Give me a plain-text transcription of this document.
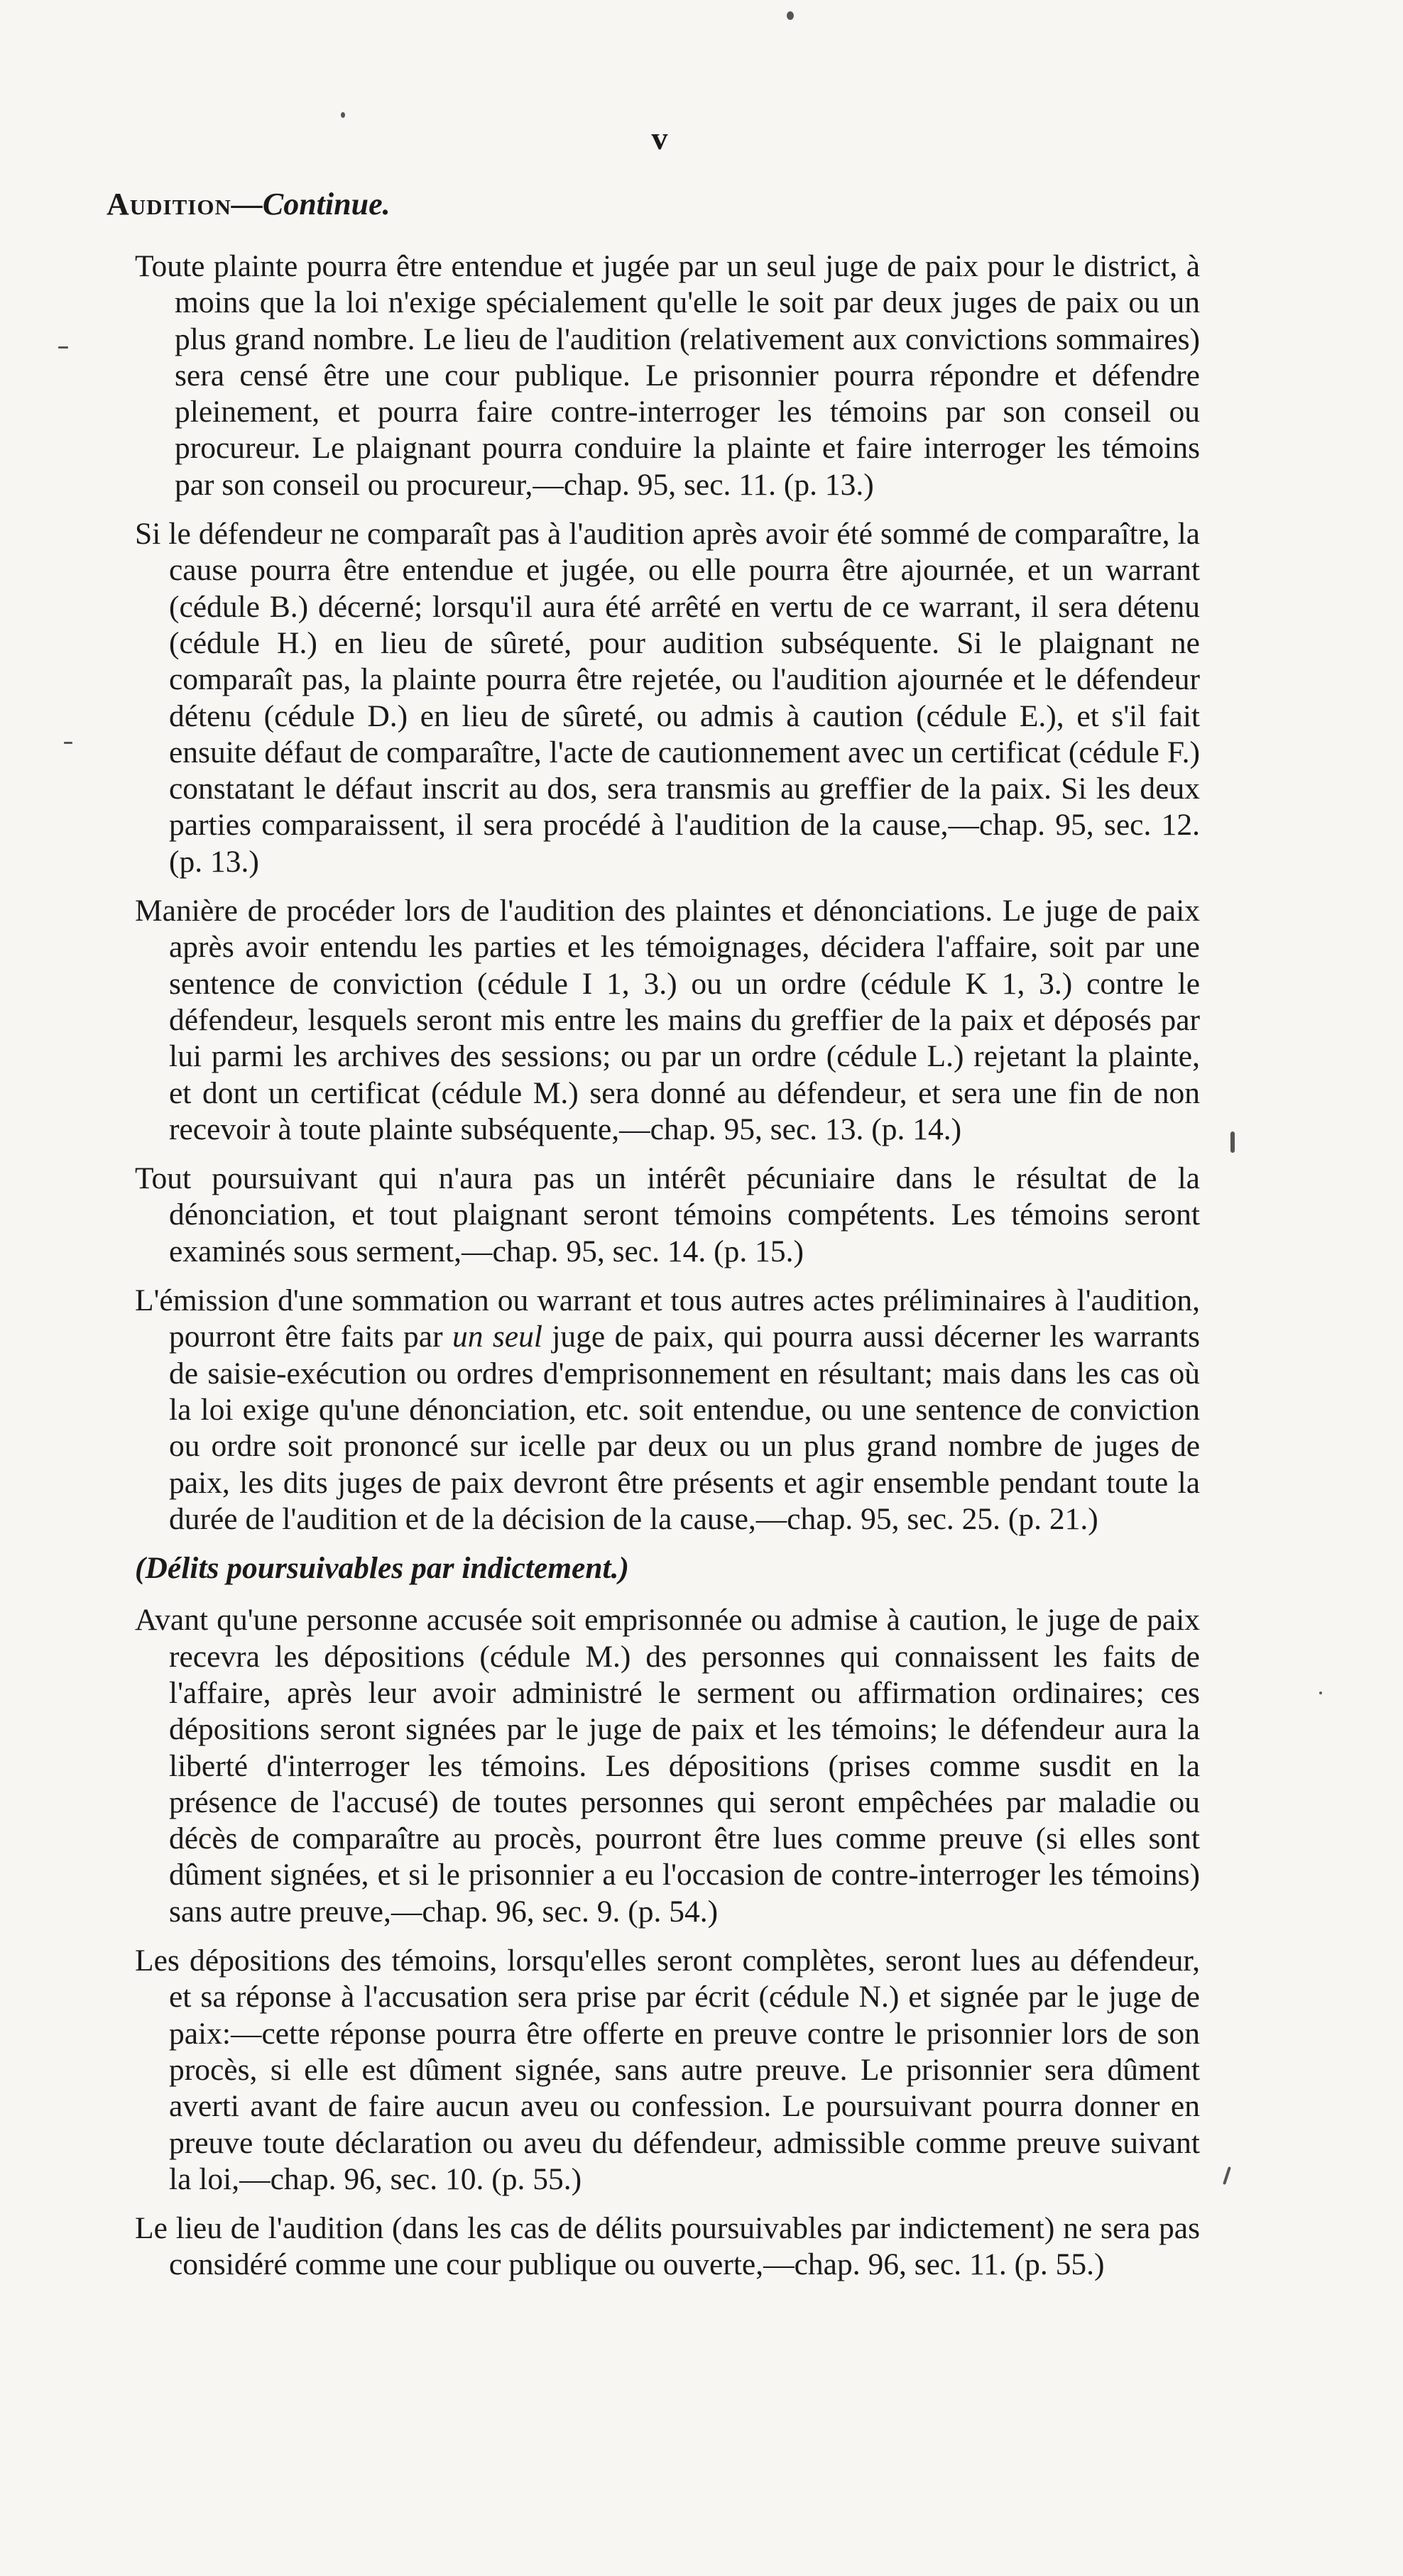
v
Audition—Continue.

Toute plainte pourra être entendue et jugée par un seul juge de paix pour le district, à moins que la loi n'exige spécialement qu'elle le soit par deux juges de paix ou un plus grand nombre. Le lieu de l'audition (relativement aux convictions sommaires) sera censé être une cour publique. Le prisonnier pourra répondre et défendre pleinement, et pourra faire contre-interroger les témoins par son conseil ou procureur. Le plaignant pourra conduire la plainte et faire interroger les témoins par son conseil ou procureur,—chap. 95, sec. 11. (p. 13.)

Si le défendeur ne comparaît pas à l'audition après avoir été sommé de comparaître, la cause pourra être entendue et jugée, ou elle pourra être ajournée, et un warrant (cédule B.) décerné; lorsqu'il aura été arrêté en vertu de ce warrant, il sera détenu (cédule H.) en lieu de sûreté, pour audition subséquente. Si le plaignant ne comparaît pas, la plainte pourra être rejetée, ou l'audition ajournée et le défendeur détenu (cédule D.) en lieu de sûreté, ou admis à caution (cédule E.), et s'il fait ensuite défaut de comparaître, l'acte de cautionnement avec un certificat (cédule F.) constatant le défaut inscrit au dos, sera transmis au greffier de la paix. Si les deux parties comparaissent, il sera procédé à l'audition de la cause,—chap. 95, sec. 12. (p. 13.)

Manière de procéder lors de l'audition des plaintes et dénonciations. Le juge de paix après avoir entendu les parties et les témoignages, décidera l'affaire, soit par une sentence de conviction (cédule I 1, 3.) ou un ordre (cédule K 1, 3.) contre le défendeur, lesquels seront mis entre les mains du greffier de la paix et déposés par lui parmi les archives des sessions; ou par un ordre (cédule L.) rejetant la plainte, et dont un certificat (cédule M.) sera donné au défendeur, et sera une fin de non recevoir à toute plainte subséquente,—chap. 95, sec. 13. (p. 14.)

Tout poursuivant qui n'aura pas un intérêt pécuniaire dans le résultat de la dénonciation, et tout plaignant seront témoins compétents. Les témoins seront examinés sous serment,—chap. 95, sec. 14. (p. 15.)

L'émission d'une sommation ou warrant et tous autres actes préliminaires à l'audition, pourront être faits par un seul juge de paix, qui pourra aussi décerner les warrants de saisie-exécution ou ordres d'emprisonnement en résultant; mais dans les cas où la loi exige qu'une dénonciation, etc. soit entendue, ou une sentence de conviction ou ordre soit prononcé sur icelle par deux ou un plus grand nombre de juges de paix, les dits juges de paix devront être présents et agir ensemble pendant toute la durée de l'audition et de la décision de la cause,—chap. 95, sec. 25. (p. 21.)

(Délits poursuivables par indictement.)

Avant qu'une personne accusée soit emprisonnée ou admise à caution, le juge de paix recevra les dépositions (cédule M.) des personnes qui connaissent les faits de l'affaire, après leur avoir administré le serment ou affirmation ordinaires; ces dépositions seront signées par le juge de paix et les témoins; le défendeur aura la liberté d'interroger les témoins. Les dépositions (prises comme susdit en la présence de l'accusé) de toutes personnes qui seront empêchées par maladie ou décès de comparaître au procès, pourront être lues comme preuve (si elles sont dûment signées, et si le prisonnier a eu l'occasion de contre-interroger les témoins) sans autre preuve,—chap. 96, sec. 9. (p. 54.)

Les dépositions des témoins, lorsqu'elles seront complètes, seront lues au défendeur, et sa réponse à l'accusation sera prise par écrit (cédule N.) et signée par le juge de paix:—cette réponse pourra être offerte en preuve contre le prisonnier lors de son procès, si elle est dûment signée, sans autre preuve. Le prisonnier sera dûment averti avant de faire aucun aveu ou confession. Le poursuivant pourra donner en preuve toute déclaration ou aveu du défendeur, admissible comme preuve suivant la loi,—chap. 96, sec. 10. (p. 55.)

Le lieu de l'audition (dans les cas de délits poursuivables par indictement) ne sera pas considéré comme une cour publique ou ouverte,—chap. 96, sec. 11. (p. 55.)
